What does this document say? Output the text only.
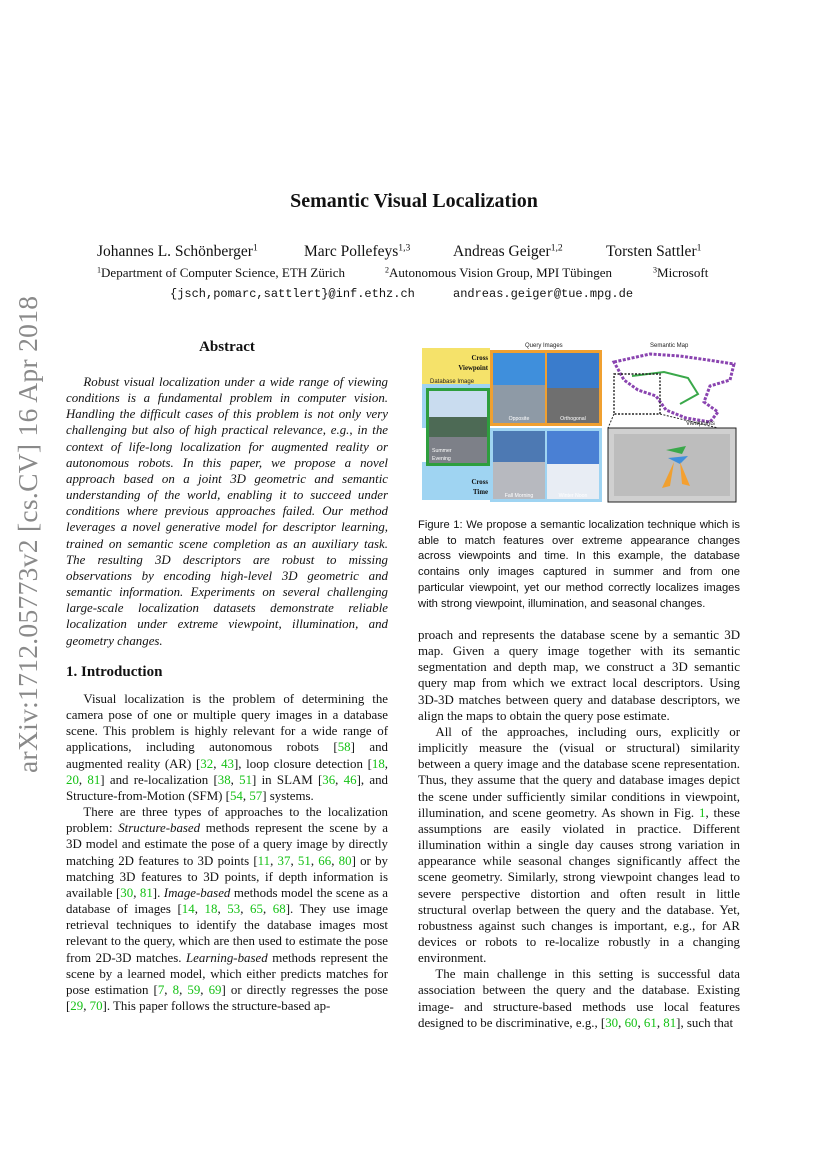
arXiv:1712.05773v2 [cs.CV] 16 Apr 2018
Semantic Visual Localization
Johannes L. Schönberger$^1$	Marc Pollefeys$^{1,3}$	Andreas Geiger$^{1,2}$	Torsten Sattler$^1$
$^1$Department of Computer Science, ETH Zürich	$^2$Autonomous Vision Group, MPI Tübingen	$^3$Microsoft
{jsch,pomarc,sattlert}@inf.ethz.ch	andreas.geiger@tue.mpg.de
Abstract

Robust visual localization under a wide range of viewing conditions is a fundamental problem in computer vision. Handling the difficult cases of this problem is not only very challenging but also of high practical relevance, e.g., in the context of life-long localization for augmented reality or autonomous robots. In this paper, we propose a novel approach based on a joint 3D geometric and semantic understanding of the world, enabling it to succeed under conditions where previous approaches failed. Our method leverages a novel generative model for descriptor learning, trained on semantic scene completion as an auxiliary task. The resulting 3D descriptors are robust to missing observations by encoding high-level 3D geometric and semantic information. Experiments on several challenging large-scale localization datasets demonstrate reliable localization under extreme viewpoint, illumination, and geometry changes.

Cross
Viewpoint
Database Image
Summer
Evening
Cross
Time
Query Images
Opposite	Orthogonal
Fall Morning	Winter Noon
Semantic Map
Viewpoints
Figure 1: We propose a semantic localization technique which is able to match features over extreme appearance changes across viewpoints and time. In this example, the database contains only images captured in summer and from one particular viewpoint, yet our method correctly localizes images with strong viewpoint, illumination, and seasonal changes.
1. Introduction

Visual localization is the problem of determining the camera pose of one or multiple query images in a database scene. This problem is highly relevant for a wide range of applications, including autonomous robots [58] and augmented reality (AR) [32, 43], loop closure detection [18, 20, 81] and re-localization [38, 51] in SLAM [36, 46], and Structure-from-Motion (SFM) [54, 57] systems.

There are three types of approaches to the localization problem: Structure-based methods represent the scene by a 3D model and estimate the pose of a query image by directly matching 2D features to 3D points [11, 37, 51, 66, 80] or by matching 3D features to 3D points, if depth information is available [30, 81]. Image-based methods model the scene as a database of images [14, 18, 53, 65, 68]. They use image retrieval techniques to identify the database images most relevant to the query, which are then used to estimate the pose from 2D-3D matches. Learning-based methods represent the scene by a learned model, which either predicts matches for pose estimation [7, 8, 59, 69] or directly regresses the pose [29, 70]. This paper follows the structure-based ap-

proach and represents the database scene by a semantic 3D map. Given a query image together with its semantic segmentation and depth map, we construct a 3D semantic query map from which we extract local descriptors. Using 3D-3D matches between query and database descriptors, we align the maps to obtain the query pose estimate.

All of the approaches, including ours, explicitly or implicitly measure the (visual or structural) similarity between a query image and the database scene representation. Thus, they assume that the query and database images depict the scene under sufficiently similar conditions in viewpoint, illumination, and scene geometry. As shown in Fig. 1, these assumptions are easily violated in practice. Different illumination within a single day causes strong variation in appearance while seasonal changes significantly affect the scene geometry. Similarly, strong viewpoint changes lead to severe perspective distortion and often result in little structural overlap between the query and the database. Yet, robustness against such changes is important, e.g., for AR devices or robots to re-localize robustly in a changing environment.

The main challenge in this setting is successful data association between the query and the database. Existing image- and structure-based methods use local features designed to be discriminative, e.g., [30, 60, 61, 81], such that
